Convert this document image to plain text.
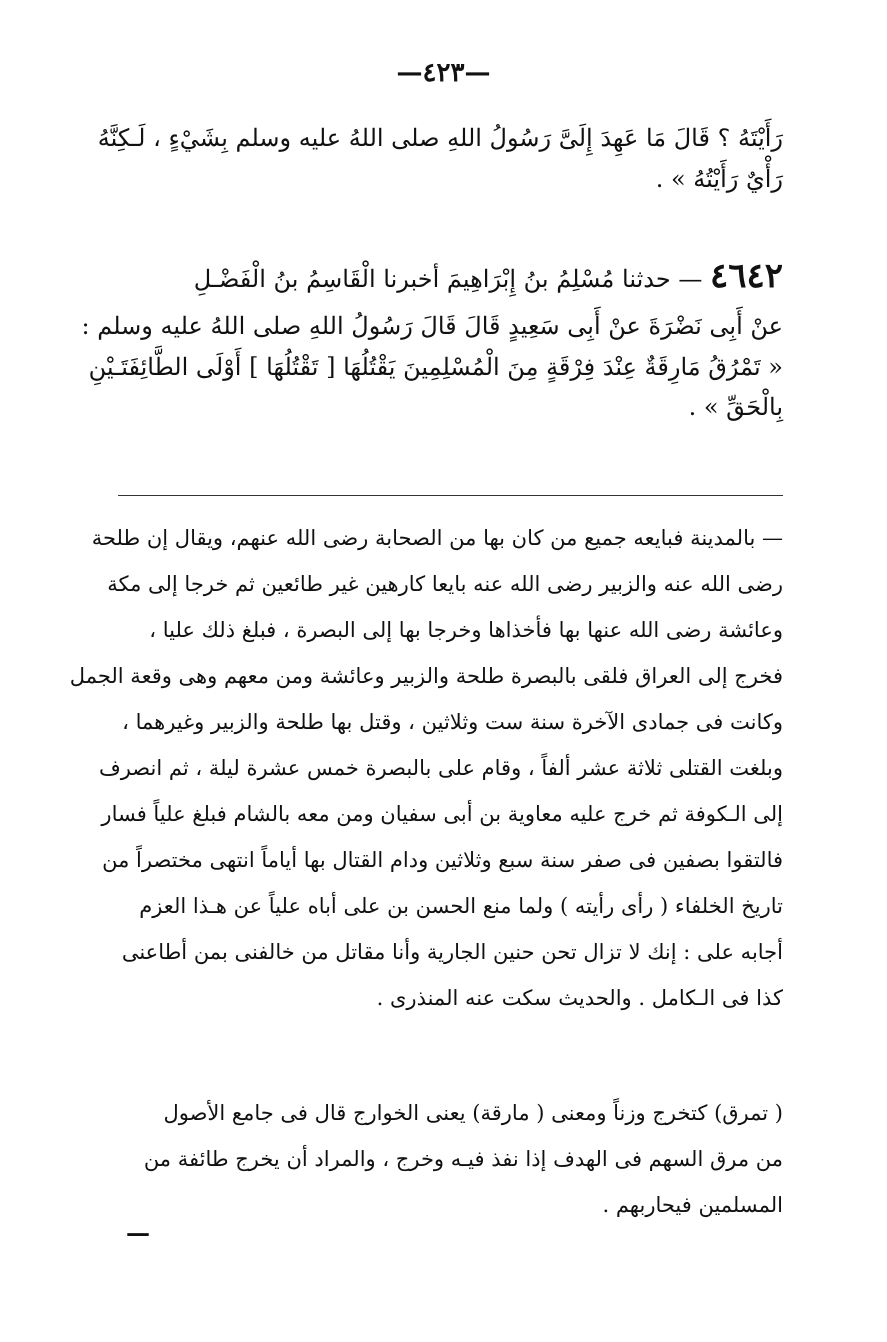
—٤٢٣—
رَأَيْتَهُ ؟ قَالَ مَا عَهِدَ إِلَىَّ رَسُولُ اللهِ صلى اللهُ عليه وسلم بِشَيْءٍ ، لَـكِنَّهُ
رَأْيٌ رَأَيْتُهُ » .
٤٦٤٢ — حدثنا مُسْلِمُ بنُ إِبْرَاهِيمَ أخبرنا الْقَاسِمُ بنُ الْفَضْـلِ
عنْ أَبِى نَضْرَةَ عنْ أَبِى سَعِيدٍ قَالَ قَالَ رَسُولُ اللهِ صلى اللهُ عليه وسلم :
« تَمْرُقُ مَارِقَةٌ عِنْدَ فِرْقَةٍ مِنَ الْمُسْلِمِينَ يَقْتُلُهَا [ تَقْتُلُهَا ] أَوْلَى الطَّائِفَتَـيْنِ
بِالْحَقِّ » .
— بالمدينة فبايعه جميع من كان بها من الصحابة رضى الله عنهم، ويقال إن طلحة
رضى الله عنه والزبير رضى الله عنه بايعا كارهين غير طائعين ثم خرجا إلى مكة
وعائشة رضى الله عنها بها فأخذاها وخرجا بها إلى البصرة ، فبلغ ذلك عليا ،
فخرج إلى العراق فلقى بالبصرة طلحة والزبير وعائشة ومن معهم وهى وقعة الجمل
وكانت فى جمادى الآخرة سنة ست وثلاثين ، وقتل بها طلحة والزبير وغيرهما ،
وبلغت القتلى ثلاثة عشر ألفاً ، وقام على بالبصرة خمس عشرة ليلة ، ثم انصرف
إلى الـكوفة ثم خرج عليه معاوية بن أبى سفيان ومن معه بالشام فبلغ علياً فسار
فالتقوا بصفين فى صفر سنة سبع وثلاثين ودام القتال بها أياماً انتهى مختصراً من
تاريخ الخلفاء ( رأى رأيته ) ولما منع الحسن بن على أباه علياً عن هـذا العزم
أجابه على : إنك لا تزال تحن حنين الجارية وأنا مقاتل من خالفنى بمن أطاعنى
كذا فى الـكامل . والحديث سكت عنه المنذرى .
( تمرق) كتخرج وزناً ومعنى ( مارقة) يعنى الخوارج قال فى جامع الأصول
من مرق السهم فى الهدف إذا نفذ فيـه وخرج ، والمراد أن يخرج طائفة من
المسلمين فيحاربهم .
—
